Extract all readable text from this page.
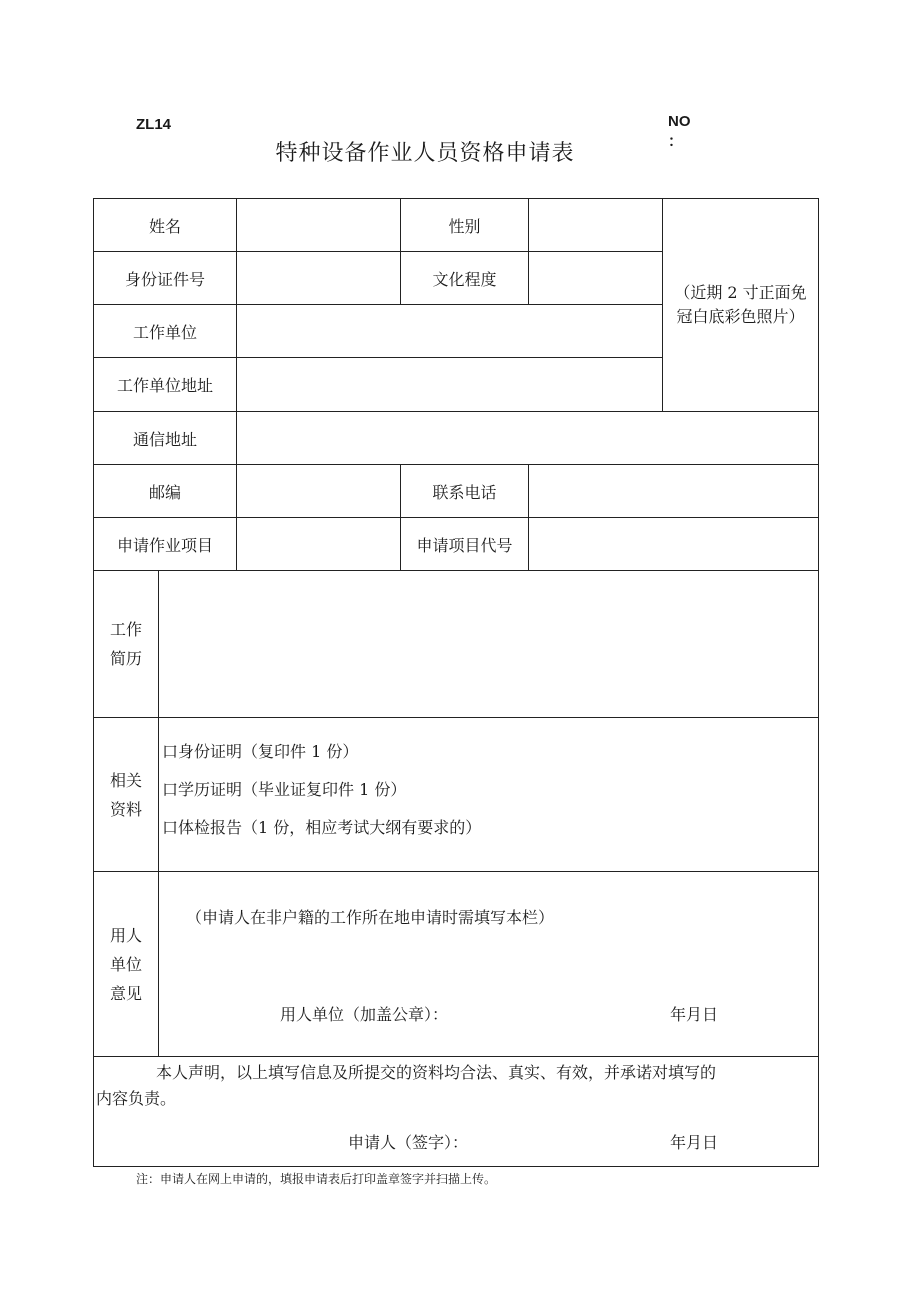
ZL14	NO
：
特种设备作业人员资格申请表
姓名	性别
（近期 2 寸正面免
冠白底彩色照片）
身份证件号	文化程度
工作单位
工作单位地址
通信地址
邮编	联系电话
申请作业项目	申请项目代号
工作
简历
相关
资料
口身份证明（复印件 1 份）
口学历证明（毕业证复印件 1 份）
口体检报告（1 份，相应考试大纲有要求的）
用人
单位
意见
（申请人在非户籍的工作所在地申请时需填写本栏）
用人单位（加盖公章）：	年月日
本人声明，以上填写信息及所提交的资料均合法、真实、有效，并承诺对填写的
内容负责。
申请人（签字）：	年月日
注：申请人在网上申请的，填报申请表后打印盖章签字并扫描上传。
